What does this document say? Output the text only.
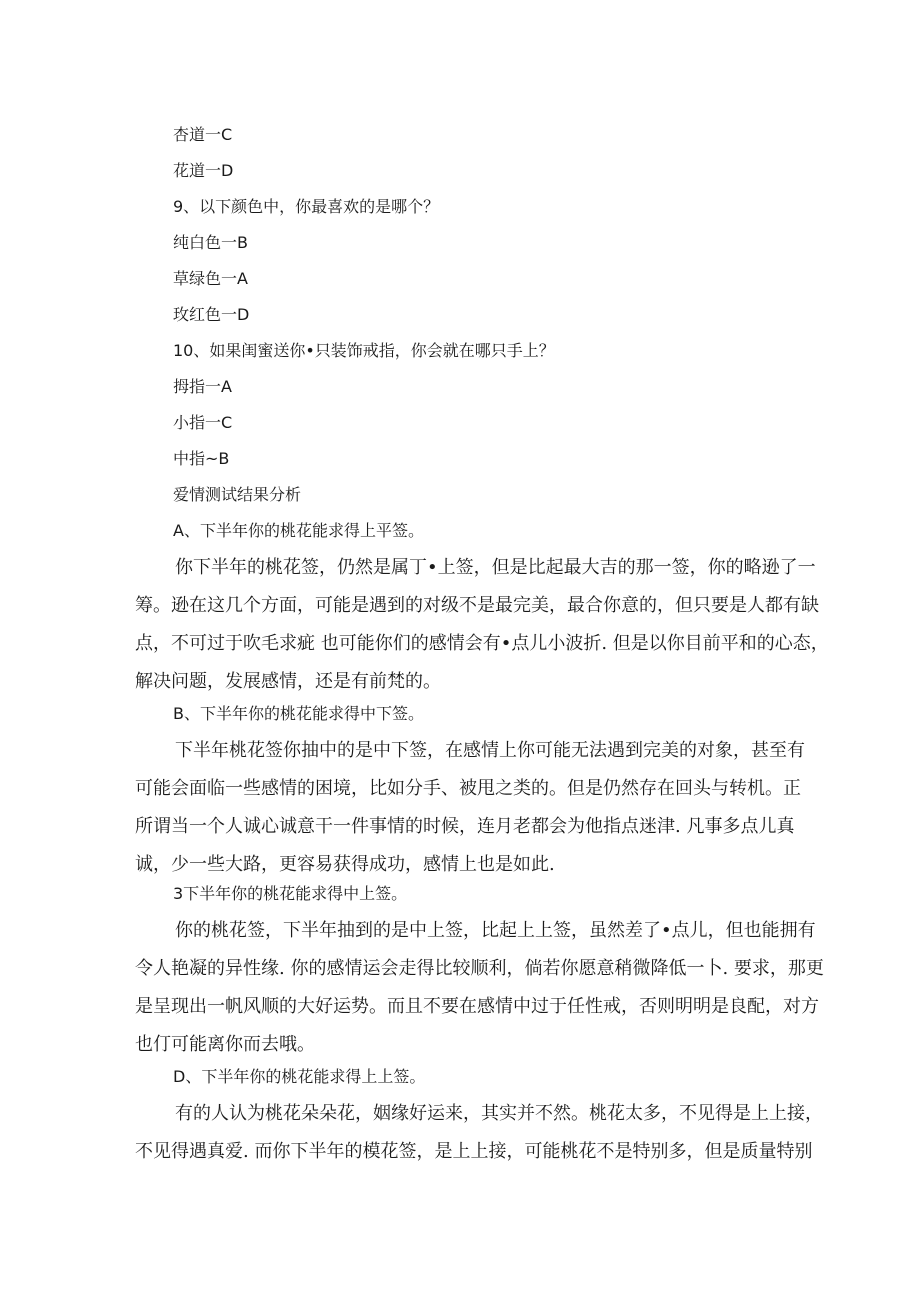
杏道一C
花道一D
9、以下颜色中，你最喜欢的是哪个？
纯白色一B
草绿色一A
玫红色一D
10、如果闺蜜送你•只装饰戒指，你会就在哪只手上？
拇指一A
小指一C
中指~B
爱情测试结果分析
A、下半年你的桃花能求得上平签。
你下半年的桃花签，仍然是属丁•上签，但是比起最大吉的那一签，你的略逊了一
筹。逊在这几个方面，可能是遇到的对级不是最完美，最合你意的，但只要是人都有缺
点，不可过于吹毛求疵 也可能你们的感情会有•点儿小波折. 但是以你目前平和的心态，
解决问题，发展感情，还是有前梵的。
B、下半年你的桃花能求得中下签。
下半年桃花签你抽中的是中下签，在感情上你可能无法遇到完美的对象，甚至有
可能会面临一些感情的困境，比如分手、被甩之类的。但是仍然存在回头与转机。正
所谓当一个人诚心诚意干一件事情的时候，连月老都会为他指点迷津. 凡事多点儿真
诚，少一些大路，更容易获得成功，感情上也是如此.
3下半年你的桃花能求得中上签。
你的桃花签，下半年抽到的是中上签，比起上上签，虽然差了•点儿，但也能拥有
令人艳凝的异性缘. 你的感情运会走得比较顺利，倘若你愿意稍微降低一卜. 要求，那更
是呈现出一帆风顺的大好运势。而且不要在感情中过于任性戒，否则明明是良配，对方
也仃可能离你而去哦。
D、下半年你的桃花能求得上上签。
有的人认为桃花朵朵花，姻缘好运来，其实并不然。桃花太多，不见得是上上接，
不见得遇真爱. 而你下半年的模花签，是上上接，可能桃花不是特别多，但是质量特别
